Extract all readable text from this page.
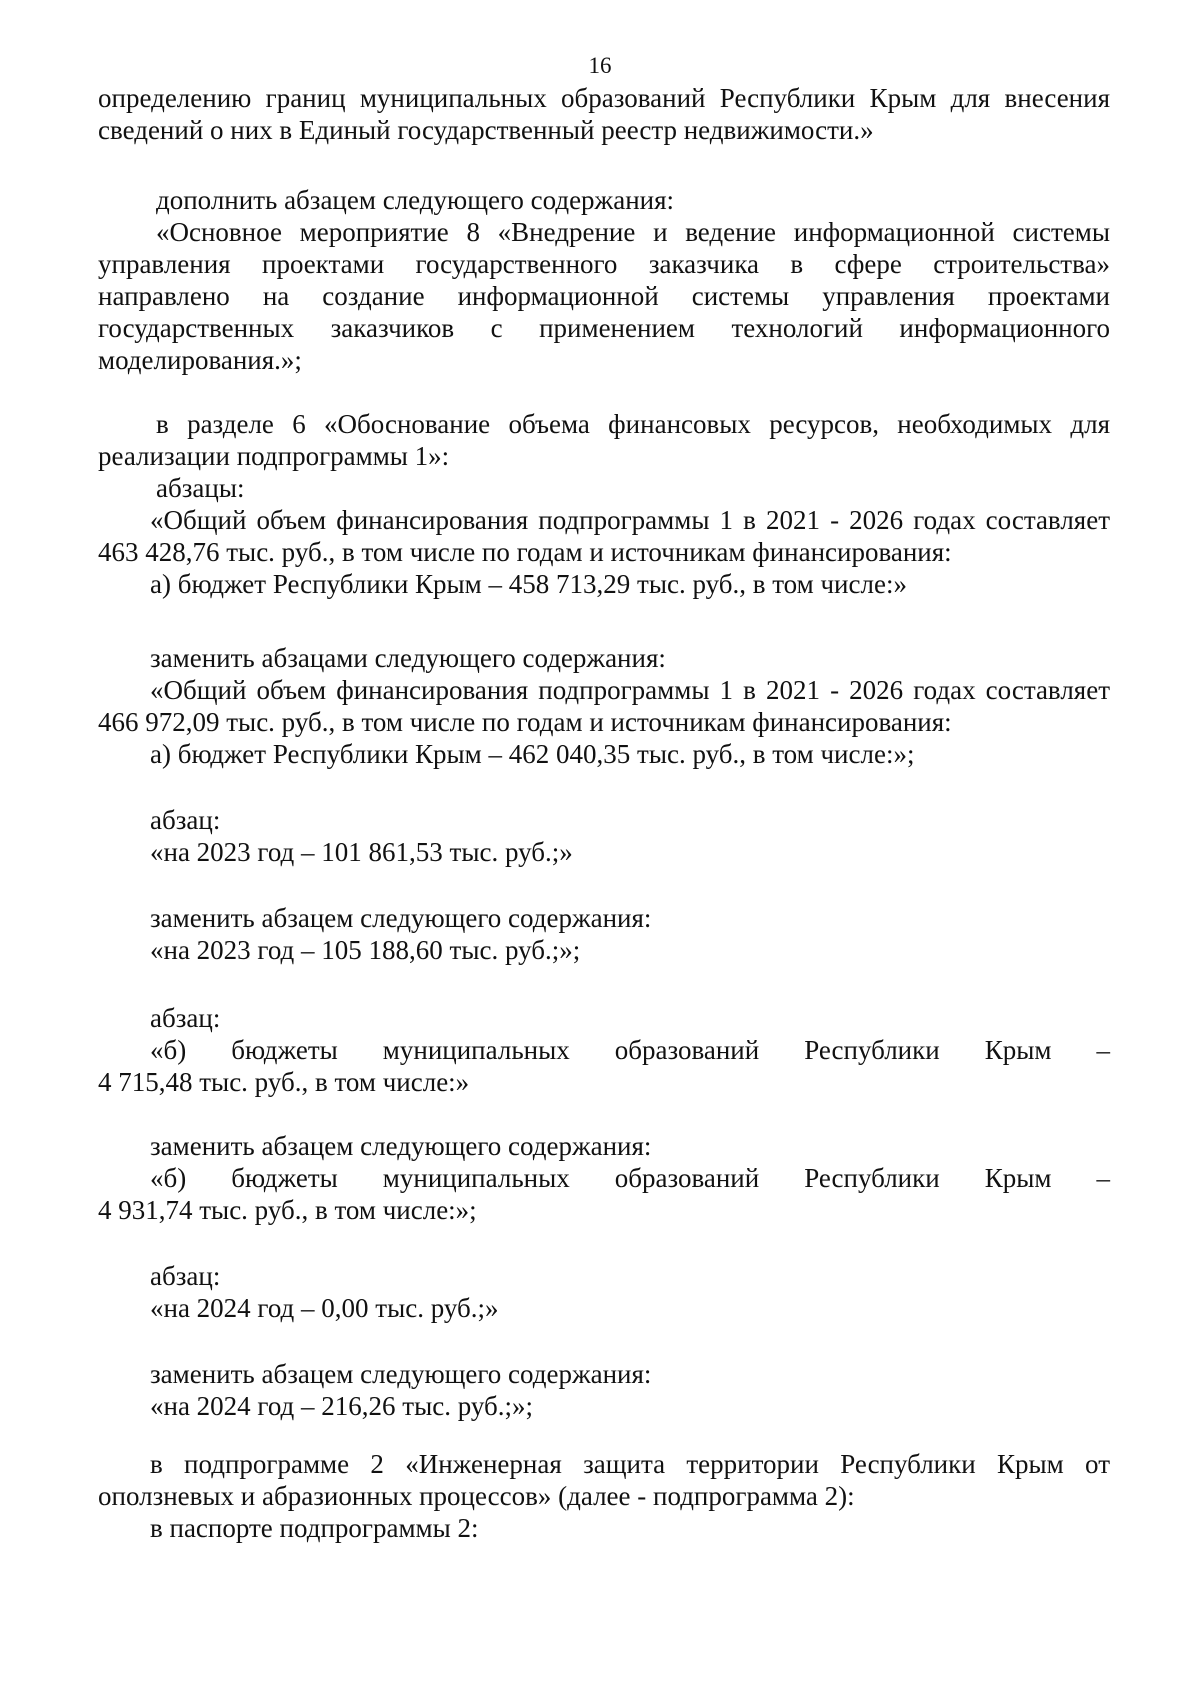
16
определению границ муниципальных образований Республики Крым для внесения
сведений о них в Единый государственный реестр недвижимости.»
дополнить абзацем следующего содержания:
«Основное мероприятие 8 «Внедрение и ведение информационной системы
управления проектами государственного заказчика в сфере строительства»
направлено на создание информационной системы управления проектами
государственных заказчиков с применением технологий информационного
моделирования.»;
в разделе 6 «Обоснование объема финансовых ресурсов, необходимых для
реализации подпрограммы 1»:
абзацы:
«Общий объем финансирования подпрограммы 1 в 2021 - 2026 годах составляет
463 428,76 тыс. руб., в том числе по годам и источникам финансирования:
а) бюджет Республики Крым – 458 713,29 тыс. руб., в том числе:»
заменить абзацами следующего содержания:
«Общий объем финансирования подпрограммы 1 в 2021 - 2026 годах составляет
466 972,09 тыс. руб., в том числе по годам и источникам финансирования:
а) бюджет Республики Крым – 462 040,35 тыс. руб., в том числе:»;
абзац:
«на 2023 год – 101 861,53 тыс. руб.;»
заменить абзацем следующего содержания:
«на 2023 год – 105 188,60 тыс. руб.;»;
абзац:
«б) бюджеты муниципальных образований Республики Крым –
4 715,48 тыс. руб., в том числе:»
заменить абзацем следующего содержания:
«б) бюджеты муниципальных образований Республики Крым –
4 931,74 тыс. руб., в том числе:»;
абзац:
«на 2024 год – 0,00 тыс. руб.;»
заменить абзацем следующего содержания:
«на 2024 год – 216,26 тыс. руб.;»;
в подпрограмме 2 «Инженерная защита территории Республики Крым от
оползневых и абразионных процессов» (далее - подпрограмма 2):
в паспорте подпрограммы 2:
